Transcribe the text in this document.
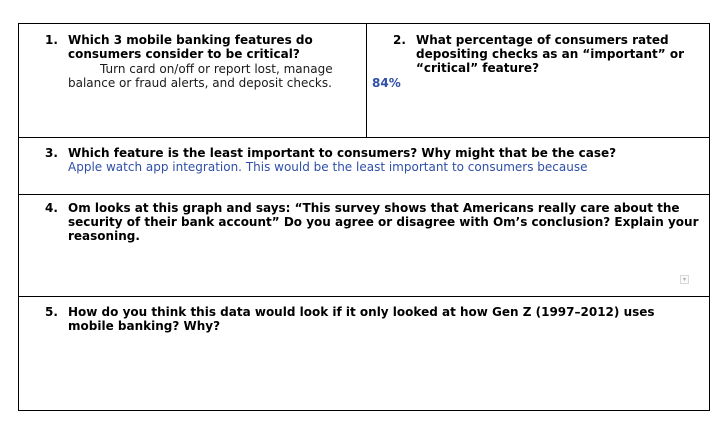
1. Which 3 mobile banking features do consumers consider to be critical?
Turn card on/off or report lost, manage balance or fraud alerts, and deposit checks.
2. What percentage of consumers rated depositing checks as an “important” or “critical” feature?
84%
3. Which feature is the least important to consumers? Why might that be the case?
Apple watch app integration. This would be the least important to consumers because
4. Om looks at this graph and says: “This survey shows that Americans really care about the security of their bank account” Do you agree or disagree with Om’s conclusion? Explain your reasoning.
5. How do you think this data would look if it only looked at how Gen Z (1997–2012) uses mobile banking? Why?
▾
